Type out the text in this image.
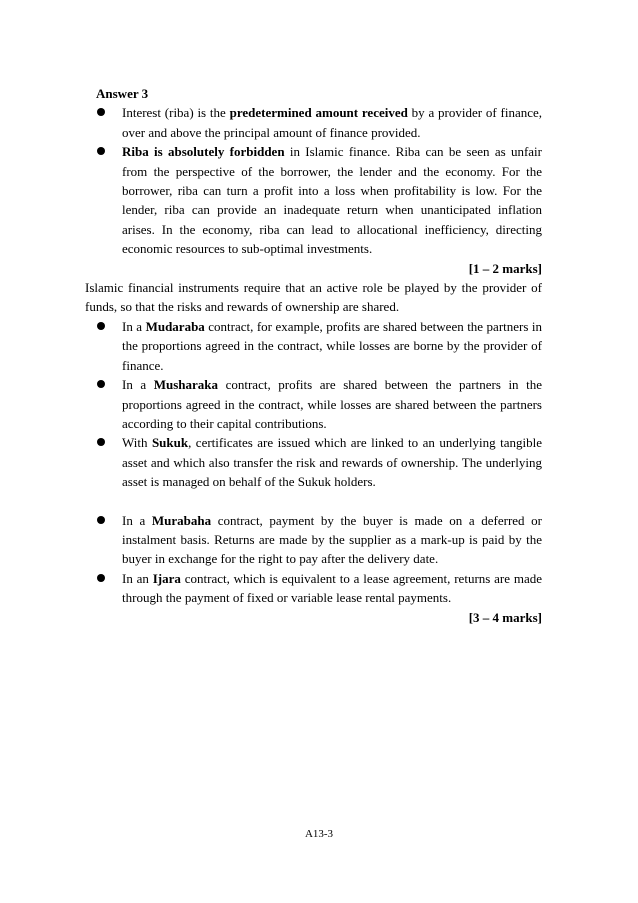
Answer 3

Interest (riba) is the predetermined amount received by a provider of finance, over and above the principal amount of finance provided.

Riba is absolutely forbidden in Islamic finance. Riba can be seen as unfair from the perspective of the borrower, the lender and the economy. For the borrower, riba can turn a profit into a loss when profitability is low. For the lender, riba can provide an inadequate return when unanticipated inflation arises. In the economy, riba can lead to allocational inefficiency, directing economic resources to sub-optimal investments.

[1 – 2 marks]

Islamic financial instruments require that an active role be played by the provider of funds, so that the risks and rewards of ownership are shared.

In a Mudaraba contract, for example, profits are shared between the partners in the proportions agreed in the contract, while losses are borne by the provider of finance.

In a Musharaka contract, profits are shared between the partners in the proportions agreed in the contract, while losses are shared between the partners according to their capital contributions.

With Sukuk, certificates are issued which are linked to an underlying tangible asset and which also transfer the risk and rewards of ownership. The underlying asset is managed on behalf of the Sukuk holders.

In a Murabaha contract, payment by the buyer is made on a deferred or instalment basis. Returns are made by the supplier as a mark-up is paid by the buyer in exchange for the right to pay after the delivery date.

In an Ijara contract, which is equivalent to a lease agreement, returns are made through the payment of fixed or variable lease rental payments.

[3 – 4 marks]

A13-3
